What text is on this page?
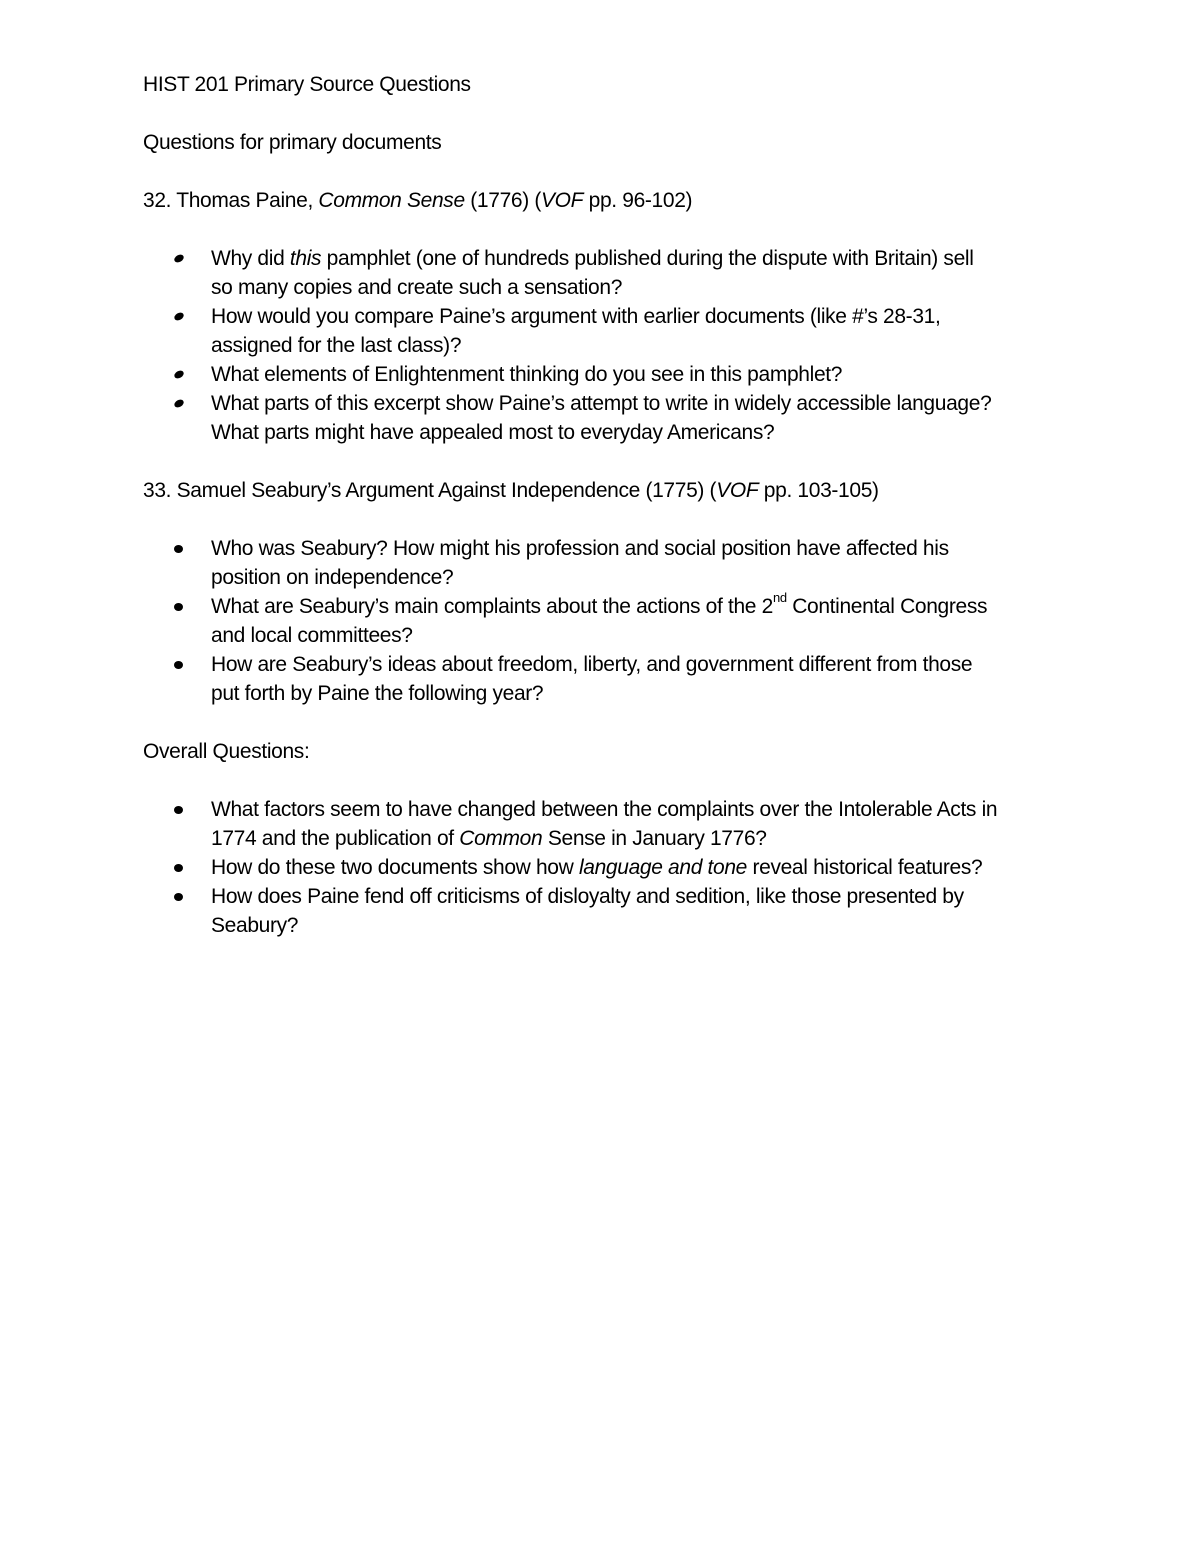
HIST 201 Primary Source Questions

Questions for primary documents

32. Thomas Paine, Common Sense (1776) (VOF pp. 96-102)

Why did this pamphlet (one of hundreds published during the dispute with Britain) sell
so many copies and create such a sensation?
How would you compare Paine’s argument with earlier documents (like #’s 28-31,
assigned for the last class)?
What elements of Enlightenment thinking do you see in this pamphlet?
What parts of this excerpt show Paine’s attempt to write in widely accessible language?
What parts might have appealed most to everyday Americans?

33. Samuel Seabury’s Argument Against Independence (1775) (VOF pp. 103-105)

Who was Seabury? How might his profession and social position have affected his
position on independence?
What are Seabury’s main complaints about the actions of the 2nd Continental Congress
and local committees?
How are Seabury’s ideas about freedom, liberty, and government different from those
put forth by Paine the following year?

Overall Questions:

What factors seem to have changed between the complaints over the Intolerable Acts in
1774 and the publication of Common Sense in January 1776?
How do these two documents show how language and tone reveal historical features?
How does Paine fend off criticisms of disloyalty and sedition, like those presented by
Seabury?
